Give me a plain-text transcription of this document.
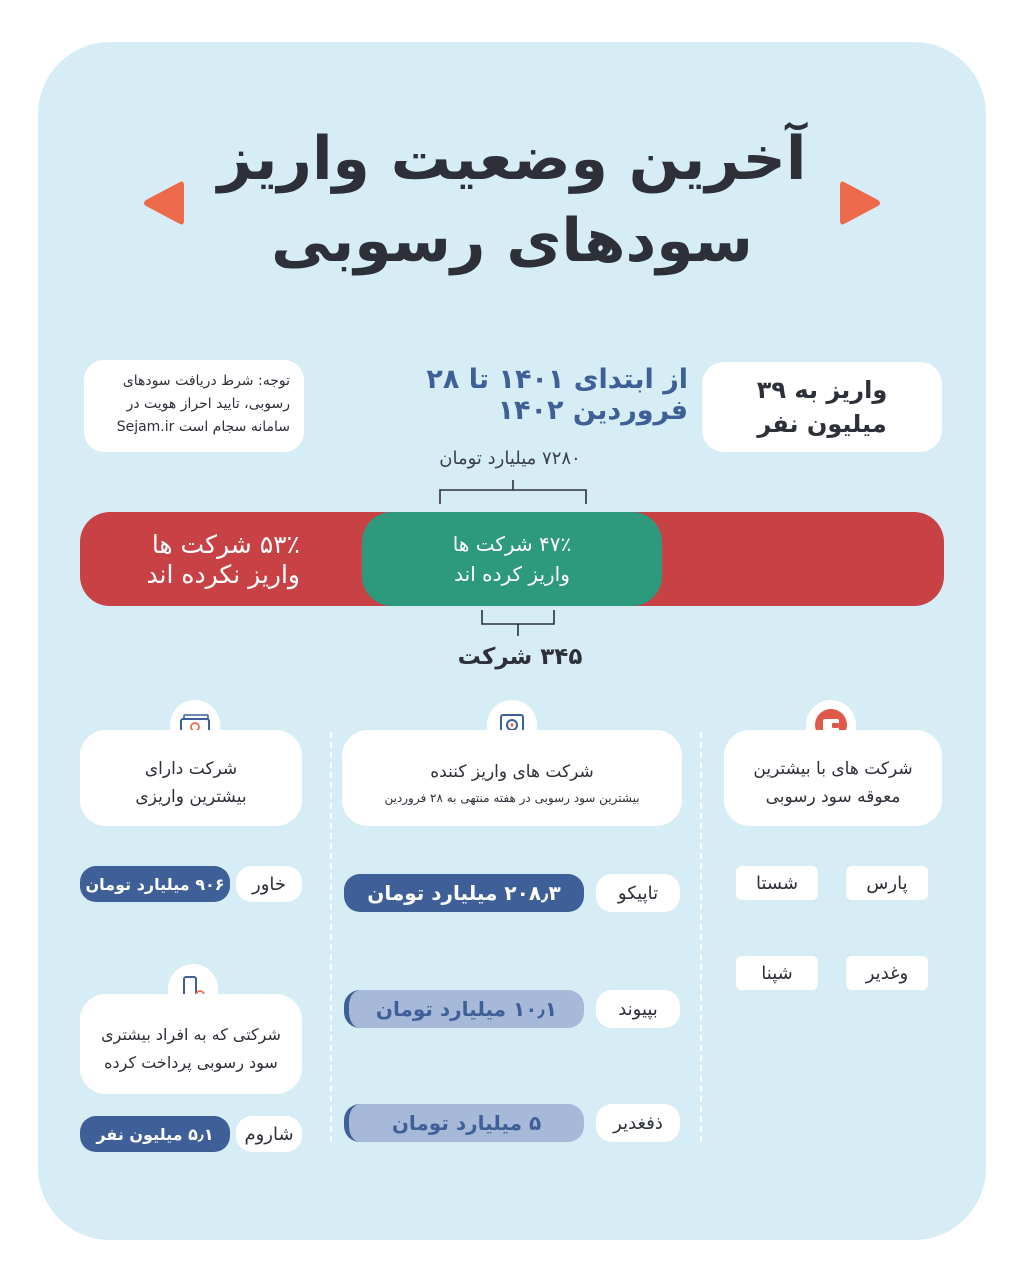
آخرین وضعیت واریز
سودهای رسوبی
توجه: شرط دریافت سودهای
رسوبی، تایید احراز هویت در
سامانه سجام است Sejam.ir
از ابتدای ۱۴۰۱ تا ۲۸ فروردین ۱۴۰۲
واریز به ۳۹
میلیون نفر
۷۲۸۰ میلیارد تومان
۵۳٪ شرکت ها
واریز نکرده اند
۴۷٪ شرکت ها
واریز کرده اند
۳۴۵ شرکت
شرکت های با بیشترین
معوقه سود رسوبی
پارس
شستا
وغدیر
شپنا
شرکت های واریز کننده
بیشترین سود رسوبی در هفته منتهی به ۲۸ فروردین
تاپیکو
۲۰۸٫۳ میلیارد تومان
بپیوند
۱۰٫۱ میلیارد تومان
ذفغدیر
۵ میلیارد تومان
شرکت دارای
بیشترین واریزی
خاور
۹۰۶ میلیارد تومان
شرکتی که به افراد بیشتری
سود رسوبی پرداخت کرده
شاروم
۵٫۱ میلیون نفر
